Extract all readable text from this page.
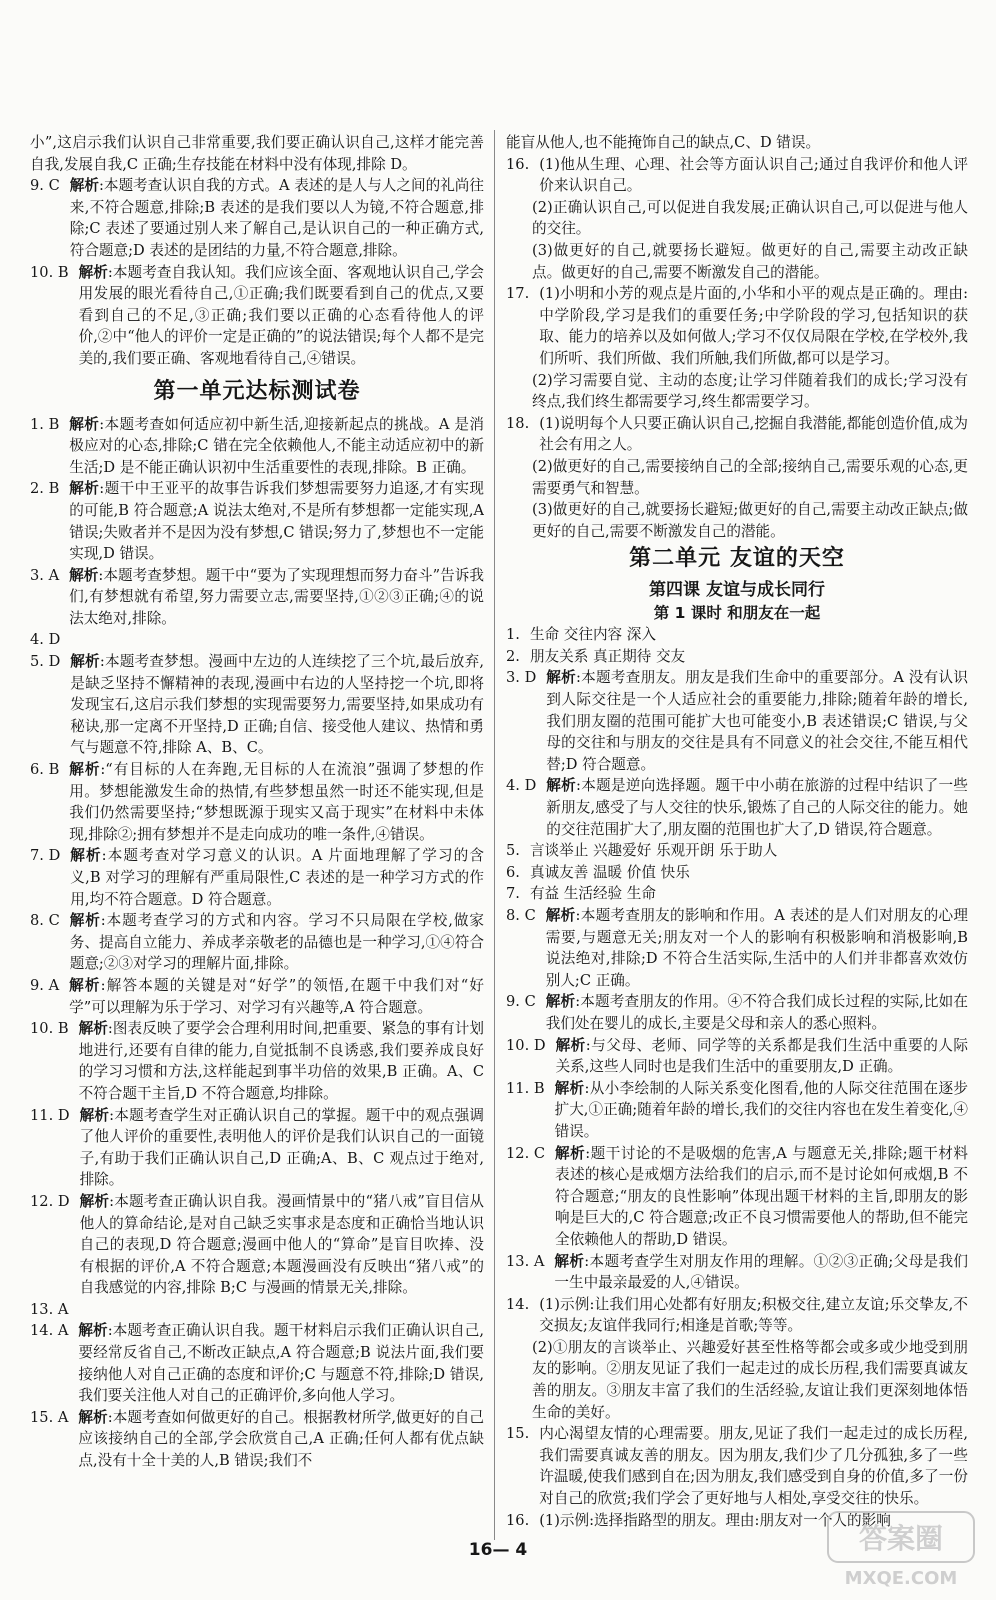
小”,这启示我们认识自己非常重要,我们要正确认识自己,这样才能完善自我,发展自我,C 正确;生存技能在材料中没有体现,排除 D。
9. C 解析:本题考查认识自我的方式。A 表述的是人与人之间的礼尚往来,不符合题意,排除;B 表述的是我们要以人为镜,不符合题意,排除;C 表述了要通过别人来了解自己,是认识自己的一种正确方式,符合题意;D 表述的是团结的力量,不符合题意,排除。
10. B 解析:本题考查自我认知。我们应该全面、客观地认识自己,学会用发展的眼光看待自己,①正确;我们既要看到自己的优点,又要看到自己的不足,③正确;我们要以正确的心态看待他人的评价,②中“他人的评价一定是正确的”的说法错误;每个人都不是完美的,我们要正确、客观地看待自己,④错误。
第一单元达标测试卷
1. B 解析:本题考查如何适应初中新生活,迎接新起点的挑战。A 是消极应对的心态,排除;C 错在完全依赖他人,不能主动适应初中的新生活;D 是不能正确认识初中生活重要性的表现,排除。B 正确。
2. B 解析:题干中王亚平的故事告诉我们梦想需要努力追逐,才有实现的可能,B 符合题意;A 说法太绝对,不是所有梦想都一定能实现,A 错误;失败者并不是因为没有梦想,C 错误;努力了,梦想也不一定能实现,D 错误。
3. A 解析:本题考查梦想。题干中“要为了实现理想而努力奋斗”告诉我们,有梦想就有希望,努力需要立志,需要坚持,①②③正确;④的说法太绝对,排除。
4. D
5. D 解析:本题考查梦想。漫画中左边的人连续挖了三个坑,最后放弃,是缺乏坚持不懈精神的表现,漫画中右边的人坚持挖一个坑,即将发现宝石,这启示我们梦想的实现需要努力,需要坚持,如果成功有秘诀,那一定离不开坚持,D 正确;自信、接受他人建议、热情和勇气与题意不符,排除 A、B、C。
6. B 解析:“有目标的人在奔跑,无目标的人在流浪”强调了梦想的作用。梦想能激发生命的热情,有些梦想虽然一时还不能实现,但是我们仍然需要坚持;“梦想既源于现实又高于现实”在材料中未体现,排除②;拥有梦想并不是走向成功的唯一条件,④错误。
7. D 解析:本题考查对学习意义的认识。A 片面地理解了学习的含义,B 对学习的理解有严重局限性,C 表述的是一种学习方式的作用,均不符合题意。D 符合题意。
8. C 解析:本题考查学习的方式和内容。学习不只局限在学校,做家务、提高自立能力、养成孝亲敬老的品德也是一种学习,①④符合题意;②③对学习的理解片面,排除。
9. A 解析:解答本题的关键是对“好学”的领悟,在题干中我们对“好学”可以理解为乐于学习、对学习有兴趣等,A 符合题意。
10. B 解析:图表反映了要学会合理利用时间,把重要、紧急的事有计划地进行,还要有自律的能力,自觉抵制不良诱惑,我们要养成良好的学习习惯和方法,这样能起到事半功倍的效果,B 正确。A、C 不符合题干主旨,D 不符合题意,均排除。
11. D 解析:本题考查学生对正确认识自己的掌握。题干中的观点强调了他人评价的重要性,表明他人的评价是我们认识自己的一面镜子,有助于我们正确认识自己,D 正确;A、B、C 观点过于绝对,排除。
12. D 解析:本题考查正确认识自我。漫画情景中的“猪八戒”盲目信从他人的算命结论,是对自己缺乏实事求是态度和正确恰当地认识自己的表现,D 符合题意;漫画中他人的“算命”是盲目吹捧、没有根据的评价,A 不符合题意;本题漫画没有反映出“猪八戒”的自我感觉的内容,排除 B;C 与漫画的情景无关,排除。
13. A
14. A 解析:本题考查正确认识自我。题干材料启示我们正确认识自己,要经常反省自己,不断改正缺点,A 符合题意;B 说法片面,我们要接纳他人对自己正确的态度和评价;C 与题意不符,排除;D 错误,我们要关注他人对自己的正确评价,多向他人学习。
15. A 解析:本题考查如何做更好的自己。根据教材所学,做更好的自己应该接纳自己的全部,学会欣赏自己,A 正确;任何人都有优点缺点,没有十全十美的人,B 错误;我们不
能盲从他人,也不能掩饰自己的缺点,C、D 错误。
16. (1)他从生理、心理、社会等方面认识自己;通过自我评价和他人评价来认识自己。
(2)正确认识自己,可以促进自我发展;正确认识自己,可以促进与他人的交往。
(3)做更好的自己,就要扬长避短。做更好的自己,需要主动改正缺点。做更好的自己,需要不断激发自己的潜能。
17. (1)小明和小芳的观点是片面的,小华和小平的观点是正确的。理由:中学阶段,学习是我们的重要任务;中学阶段的学习,包括知识的获取、能力的培养以及如何做人;学习不仅仅局限在学校,在学校外,我们所听、我们所做、我们所触,我们所做,都可以是学习。
(2)学习需要自觉、主动的态度;让学习伴随着我们的成长;学习没有终点,我们终生都需要学习,终生都需要学习。
18. (1)说明每个人只要正确认识自己,挖掘自我潜能,都能创造价值,成为社会有用之人。
(2)做更好的自己,需要接纳自己的全部;接纳自己,需要乐观的心态,更需要勇气和智慧。
(3)做更好的自己,就要扬长避短;做更好的自己,需要主动改正缺点;做更好的自己,需要不断激发自己的潜能。
第二单元 友谊的天空
第四课 友谊与成长同行
第 1 课时 和朋友在一起
1. 生命 交往内容 深入
2. 朋友关系 真正期待 交友
3. D 解析:本题考查朋友。朋友是我们生命中的重要部分。A 没有认识到人际交往是一个人适应社会的重要能力,排除;随着年龄的增长,我们朋友圈的范围可能扩大也可能变小,B 表述错误;C 错误,与父母的交往和与朋友的交往是具有不同意义的社会交往,不能互相代替;D 符合题意。
4. D 解析:本题是逆向选择题。题干中小萌在旅游的过程中结识了一些新朋友,感受了与人交往的快乐,锻炼了自己的人际交往的能力。她的交往范围扩大了,朋友圈的范围也扩大了,D 错误,符合题意。
5. 言谈举止 兴趣爱好 乐观开朗 乐于助人
6. 真诚友善 温暖 价值 快乐
7. 有益 生活经验 生命
8. C 解析:本题考查朋友的影响和作用。A 表述的是人们对朋友的心理需要,与题意无关;朋友对一个人的影响有积极影响和消极影响,B 说法绝对,排除;D 不符合生活实际,生活中的人们并非都喜欢效仿别人;C 正确。
9. C 解析:本题考查朋友的作用。④不符合我们成长过程的实际,比如在我们处在婴儿的成长,主要是父母和亲人的悉心照料。
10. D 解析:与父母、老师、同学等的关系都是我们生活中重要的人际关系,这些人同时也是我们生活中的重要朋友,D 正确。
11. B 解析:从小李绘制的人际关系变化图看,他的人际交往范围在逐步扩大,①正确;随着年龄的增长,我们的交往内容也在发生着变化,④错误。
12. C 解析:题干讨论的不是吸烟的危害,A 与题意无关,排除;题干材料表述的核心是戒烟方法给我们的启示,而不是讨论如何戒烟,B 不符合题意;“朋友的良性影响”体现出题干材料的主旨,即朋友的影响是巨大的,C 符合题意;改正不良习惯需要他人的帮助,但不能完全依赖他人的帮助,D 错误。
13. A 解析:本题考查学生对朋友作用的理解。①②③正确;父母是我们一生中最亲最爱的人,④错误。
14. (1)示例:让我们用心处都有好朋友;积极交往,建立友谊;乐交挚友,不交损友;友谊伴我同行;相逢是首歌;等等。
(2)①朋友的言谈举止、兴趣爱好甚至性格等都会或多或少地受到朋友的影响。②朋友见证了我们一起走过的成长历程,我们需要真诚友善的朋友。③朋友丰富了我们的生活经验,友谊让我们更深刻地体悟生命的美好。
15. 内心渴望友情的心理需要。朋友,见证了我们一起走过的成长历程,我们需要真诚友善的朋友。因为朋友,我们少了几分孤独,多了一些许温暖,使我们感到自在;因为朋友,我们感受到自身的价值,多了一份对自己的欣赏;我们学会了更好地与人相处,享受交往的快乐。
16. (1)示例:选择指路型的朋友。理由:朋友对一个人的影响
16— 4	答案圈
MXQE.COM
